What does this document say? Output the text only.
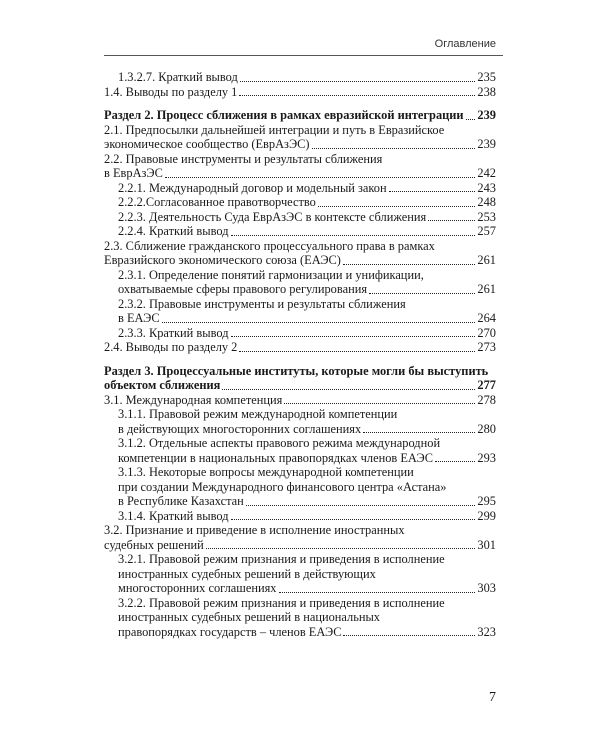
Оглавление
1.3.2.7. Краткий вывод	235
1.4. Выводы по разделу 1	238
Раздел 2. Процесс сближения в рамках евразийской интеграции 239
2.1. Предпосылки дальнейшей интеграции и путь в Евразийское
экономическое сообщество (ЕврАзЭС)	239
2.2. Правовые инструменты и результаты сближения
в ЕврАзЭС	242
2.2.1. Международный договор и модельный закон	243
2.2.2.Согласованное правотворчество	248
2.2.3. Деятельность Суда ЕврАзЭС в контексте сближения	253
2.2.4. Краткий вывод	257
2.3. Сближение гражданского процессуального права в рамках
Евразийского экономического союза (ЕАЭС)	261
2.3.1. Определение понятий гармонизации и унификации,
охватываемые сферы правового регулирования	261
2.3.2. Правовые инструменты и результаты сближения
в ЕАЭС	264
2.3.3. Краткий вывод	270
2.4. Выводы по разделу 2	273
Раздел 3. Процессуальные институты, которые могли бы выступить
объектом сближения	277
3.1. Международная компетенция	278
3.1.1. Правовой режим международной компетенции
в действующих многосторонних соглашениях	280
3.1.2. Отдельные аспекты правового режима международной
компетенции в национальных правопорядках членов ЕАЭС	293
3.1.3. Некоторые вопросы международной компетенции
при создании Международного финансового центра «Астана»
в Республике Казахстан	295
3.1.4. Краткий вывод	299
3.2. Признание и приведение в исполнение иностранных
судебных решений	301
3.2.1. Правовой режим признания и приведения в исполнение
иностранных судебных решений в действующих
многосторонних соглашениях	303
3.2.2. Правовой режим признания и приведения в исполнение
иностранных судебных решений в национальных
правопорядках государств – членов ЕАЭС	323
7
